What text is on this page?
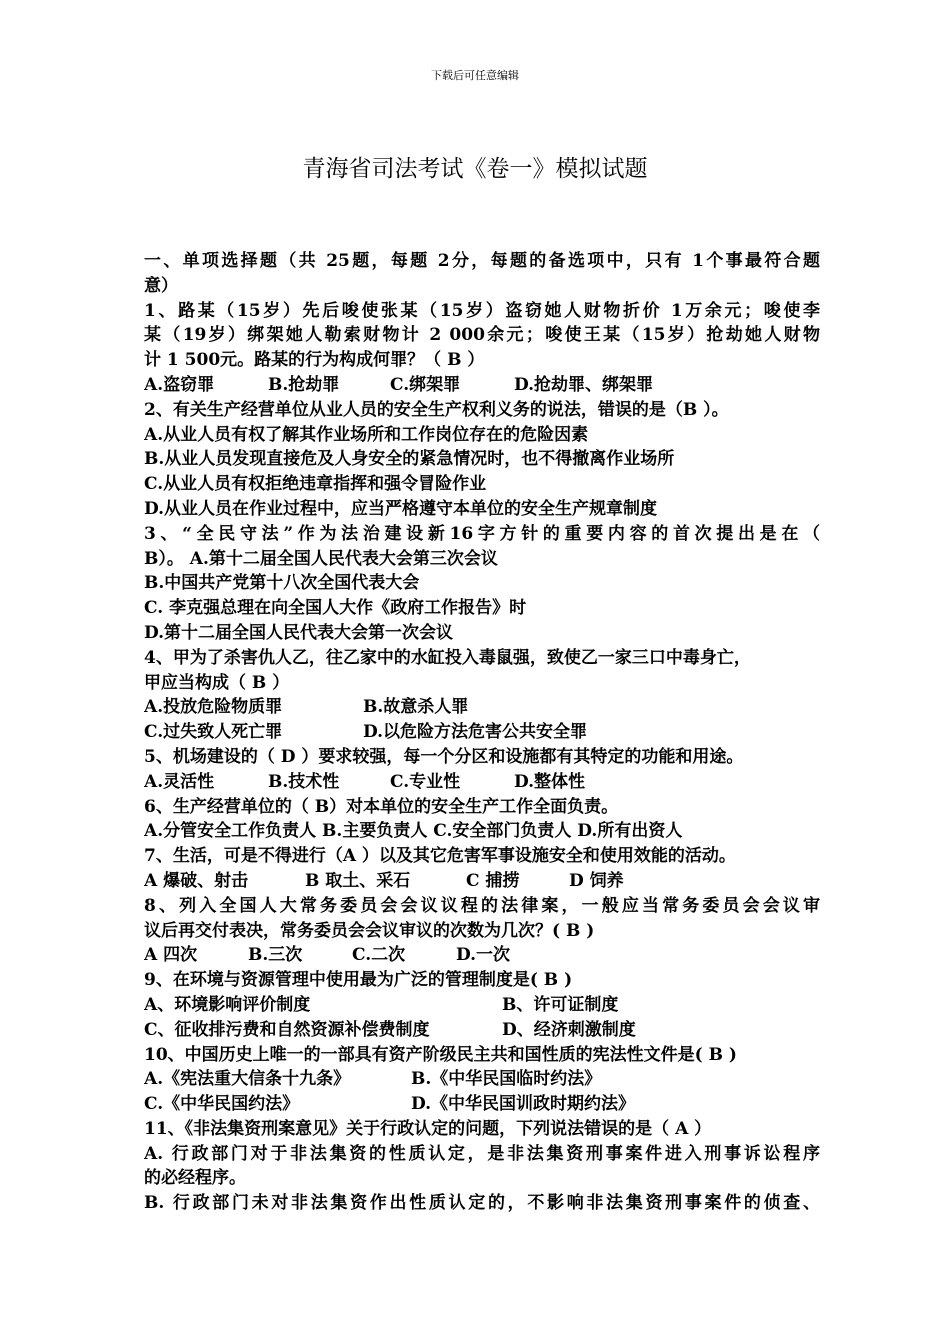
下载后可任意编辑
青海省司法考试《卷一》模拟试题
一、单项选择题（共 25题，每题 2分，每题的备选项中，只有 1个事最符合题
意）
1、路某（15岁）先后唆使张某（15岁）盗窃她人财物折价 1万余元；唆使李
某（19岁）绑架她人勒索财物计 2 000余元；唆使王某（15岁）抢劫她人财物
计 1 500元。路某的行为构成何罪？（ B ）
A.盗窃罪	B.抢劫罪	C.绑架罪	D.抢劫罪、绑架罪
2、有关生产经营单位从业人员的安全生产权利义务的说法，错误的是（B ）。
A.从业人员有权了解其作业场所和工作岗位存在的危险因素
B.从业人员发现直接危及人身安全的紧急情况时，也不得撤离作业场所
C.从业人员有权拒绝违章指挥和强令冒险作业
D.从业人员在作业过程中，应当严格遵守本单位的安全生产规章制度
3、“全民守法”作为法治建设新16字方针的重要内容的首次提出是在（
B）。 A.第十二届全国人民代表大会第三次会议
B.中国共产党第十八次全国代表大会
C. 李克强总理在向全国人大作《政府工作报告》时
D.第十二届全国人民代表大会第一次会议
4、甲为了杀害仇人乙，往乙家中的水缸投入毒鼠强，致使乙一家三口中毒身亡，
甲应当构成（ B ）
A.投放危险物质罪	B.故意杀人罪
C.过失致人死亡罪	D.以危险方法危害公共安全罪
5、机场建设的（ D ）要求较强，每一个分区和设施都有其特定的功能和用途。
A.灵活性	B.技术性	C.专业性	D.整体性
6、生产经营单位的（ B）对本单位的安全生产工作全面负责。
A.分管安全工作负责人 B.主要负责人 C.安全部门负责人 D.所有出资人
7、生活，可是不得进行（A ）以及其它危害军事设施安全和使用效能的活动。
A 爆破、射击	B 取土、采石	C 捕捞	D 饲养
8、列入全国人大常务委员会会议议程的法律案，一般应当常务委员会会议审
议后再交付表决，常务委员会会议审议的次数为几次？( B )
A 四次	B.三次	C.二次	D.一次
9、在环境与资源管理中使用最为广泛的管理制度是( B )
A、环境影响评价制度	B、许可证制度
C、征收排污费和自然资源补偿费制度	D、经济刺激制度
10、中国历史上唯一的一部具有资产阶级民主共和国性质的宪法性文件是( B )
A.《宪法重大信条十九条》	B.《中华民国临时约法》
C.《中华民国约法》	D.《中华民国训政时期约法》
11、《非法集资刑案意见》关于行政认定的问题，下列说法错误的是（ A ）
A. 行政部门对于非法集资的性质认定，是非法集资刑事案件进入刑事诉讼程序
的必经程序。
B. 行政部门未对非法集资作出性质认定的，不影响非法集资刑事案件的侦查、
